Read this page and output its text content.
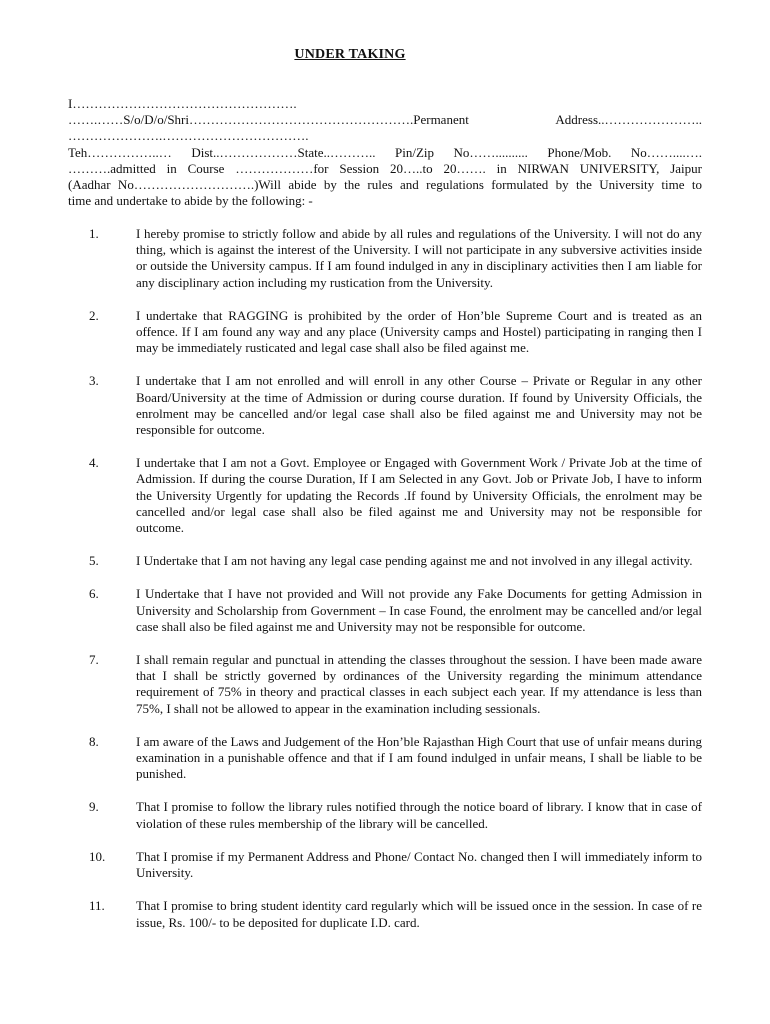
UNDER TAKING
I…………………………………………….
…….……S/o/D/o/Shri…………………………………………….Permanent Address..…………………..
………………….…………………………….
Teh……………..… Dist..………………State..……….. Pin/Zip No…….......... Phone/Mob. No……....….
……….admitted in Course ………………for Session 20…..to 20……. in NIRWAN UNIVERSITY, Jaipur
(Aadhar No……………………….)Will abide by the rules and regulations formulated by the University time to
time and undertake to abide by the following: -
1.	I hereby promise to strictly follow and abide by all rules and regulations of the University. I will not do any thing, which is against the interest of the University. I will not participate in any subversive activities inside or outside the University campus. If I am found indulged in any in disciplinary activities then I am liable for any disciplinary action including my rustication from the University.
2.	I undertake that RAGGING is prohibited by the order of Hon’ble Supreme Court and is treated as an offence. If I am found any way and any place (University camps and Hostel) participating in ranging then I may be immediately rusticated and legal case shall also be filed against me.
3.	I undertake that I am not enrolled and will enroll in any other Course – Private or Regular in any other Board/University at the time of Admission or during course duration. If found by University Officials, the enrolment may be cancelled and/or legal case shall also be filed against me and University may not be responsible for outcome.
4.	I undertake that I am not a Govt. Employee or Engaged with Government Work / Private Job at the time of Admission. If during the course Duration, If I am Selected in any Govt. Job or Private Job, I have to inform the University Urgently for updating the Records .If found by University Officials, the enrolment may be cancelled and/or legal case shall also be filed against me and University may not be responsible for outcome.
5.	I Undertake that I am not having any legal case pending against me and not involved in any illegal activity.
6.	I Undertake that I have not provided and Will not provide any Fake Documents for getting Admission in University and Scholarship from Government – In case Found, the enrolment may be cancelled and/or legal case shall also be filed against me and University may not be responsible for outcome.
7.	I shall remain regular and punctual in attending the classes throughout the session. I have been made aware that I shall be strictly governed by ordinances of the University regarding the minimum attendance requirement of 75% in theory and practical classes in each subject each year. If my attendance is less than 75%, I shall not be allowed to appear in the examination including sessionals.
8.	I am aware of the Laws and Judgement of the Hon’ble Rajasthan High Court that use of unfair means during examination in a punishable offence and that if I am found indulged in unfair means, I shall be liable to be punished.
9.	That I promise to follow the library rules notified through the notice board of library. I know that in case of violation of these rules membership of the library will be cancelled.
10. That I promise if my Permanent Address and Phone/ Contact No. changed then I will immediately inform to University.
11. That I promise to bring student identity card regularly which will be issued once in the session. In case of re issue, Rs. 100/- to be deposited for duplicate I.D. card.
